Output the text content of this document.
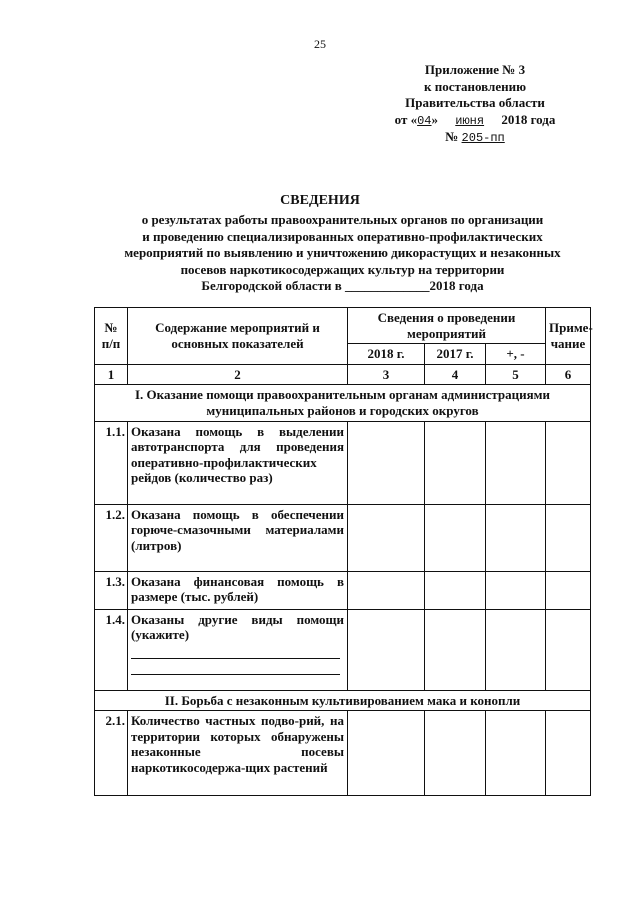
25
Приложение № 3
к постановлению
Правительства области
от «04» июня 2018 года
№ 205-пп
СВЕДЕНИЯ
о результатах работы правоохранительных органов по организации
и проведению специализированных оперативно-профилактических
мероприятий по выявлению и уничтожению дикорастущих и незаконных
посевов наркотикосодержащих культур на территории
Белгородской области в _____________2018 года
№ п/п	Содержание мероприятий и основных показателей	Сведения о проведении мероприятий			Приме-чание
		2018 г.	2017 г.	+, -	
1	2	3	4	5	6
I. Оказание помощи правоохранительным органам администрациями муниципальных районов и городских округов					
1.1.	Оказана помощь в выделении автотранспорта для проведения оперативно-профилактических рейдов (количество раз)				
1.2.	Оказана помощь в обеспечении горюче-смазочными материалами (литров)				
1.3.	Оказана финансовая помощь в размере (тыс. рублей)				
1.4.	Оказаны другие виды помощи (укажите)				

II. Борьба с незаконным культивированием мака и конопли					
2.1.	Количество частных подво-рий, на территории которых обнаружены незаконные посевы наркотикосодержа-щих растений				
